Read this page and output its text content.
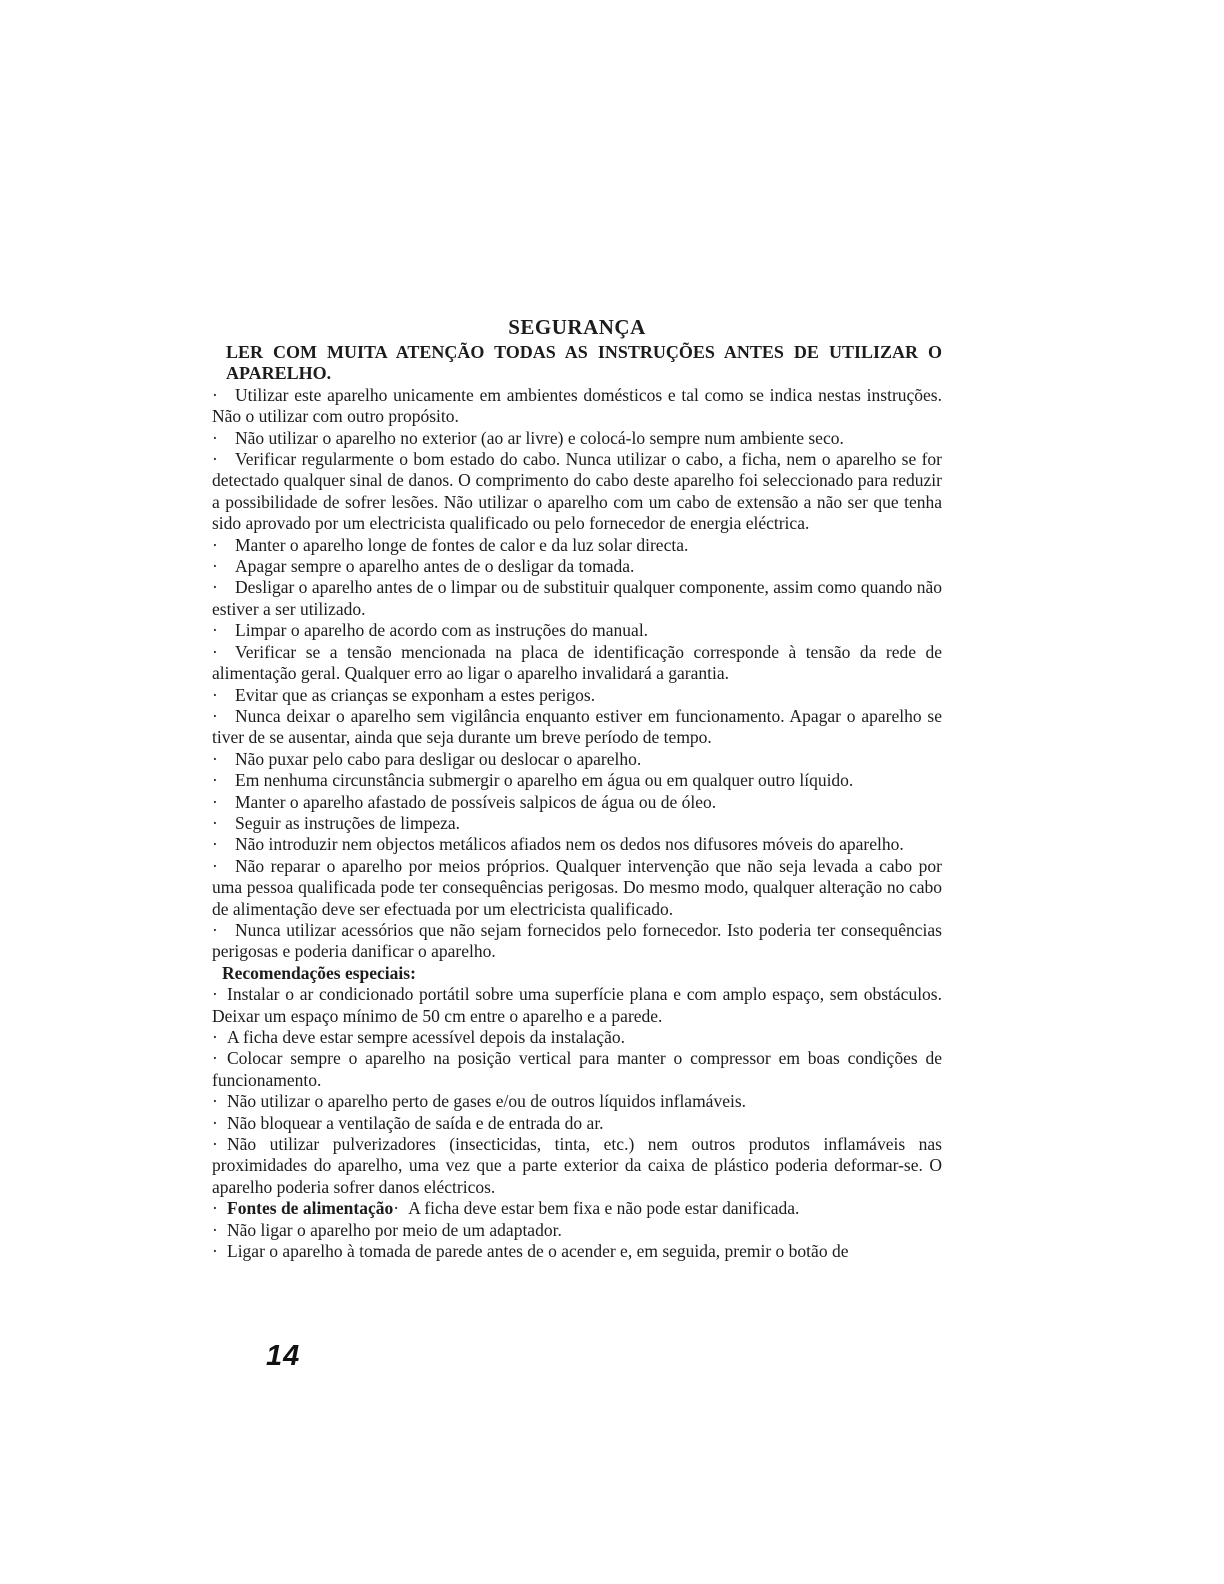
SEGURANÇA

LER COM MUITA ATENÇÃO TODAS AS INSTRUÇÕES ANTES DE UTILIZAR O APARELHO.

· Utilizar este aparelho unicamente em ambientes domésticos e tal como se indica nestas instruções. Não o utilizar com outro propósito.

· Não utilizar o aparelho no exterior (ao ar livre) e colocá-lo sempre num ambiente seco.

· Verificar regularmente o bom estado do cabo. Nunca utilizar o cabo, a ficha, nem o aparelho se for detectado qualquer sinal de danos. O comprimento do cabo deste aparelho foi seleccionado para reduzir a possibilidade de sofrer lesões. Não utilizar o aparelho com um cabo de extensão a não ser que tenha sido aprovado por um electricista qualificado ou pelo fornecedor de energia eléctrica.

· Manter o aparelho longe de fontes de calor e da luz solar directa.

· Apagar sempre o aparelho antes de o desligar da tomada.

· Desligar o aparelho antes de o limpar ou de substituir qualquer componente, assim como quando não estiver a ser utilizado.

· Limpar o aparelho de acordo com as instruções do manual.

· Verificar se a tensão mencionada na placa de identificação corresponde à tensão da rede de alimentação geral. Qualquer erro ao ligar o aparelho invalidará a garantia.

· Evitar que as crianças se exponham a estes perigos.

· Nunca deixar o aparelho sem vigilância enquanto estiver em funcionamento. Apagar o aparelho se tiver de se ausentar, ainda que seja durante um breve período de tempo.

· Não puxar pelo cabo para desligar ou deslocar o aparelho.

· Em nenhuma circunstância submergir o aparelho em água ou em qualquer outro líquido.

· Manter o aparelho afastado de possíveis salpicos de água ou de óleo.

· Seguir as instruções de limpeza.

· Não introduzir nem objectos metálicos afiados nem os dedos nos difusores móveis do aparelho.

· Não reparar o aparelho por meios próprios. Qualquer intervenção que não seja levada a cabo por uma pessoa qualificada pode ter consequências perigosas. Do mesmo modo, qualquer alteração no cabo de alimentação deve ser efectuada por um electricista qualificado.

· Nunca utilizar acessórios que não sejam fornecidos pelo fornecedor. Isto poderia ter consequências perigosas e poderia danificar o aparelho.

Recomendações especiais:

· Instalar o ar condicionado portátil sobre uma superfície plana e com amplo espaço, sem obstáculos. Deixar um espaço mínimo de 50 cm entre o aparelho e a parede.

· A ficha deve estar sempre acessível depois da instalação.

· Colocar sempre o aparelho na posição vertical para manter o compressor em boas condições de funcionamento.

· Não utilizar o aparelho perto de gases e/ou de outros líquidos inflamáveis.

· Não bloquear a ventilação de saída e de entrada do ar.

· Não utilizar pulverizadores (insecticidas, tinta, etc.) nem outros produtos inflamáveis nas proximidades do aparelho, uma vez que a parte exterior da caixa de plástico poderia deformar-se. O aparelho poderia sofrer danos eléctricos.

· Fontes de alimentação

· A ficha deve estar bem fixa e não pode estar danificada.

· Não ligar o aparelho por meio de um adaptador.

· Ligar o aparelho à tomada de parede antes de o acender e, em seguida, premir o botão de

14
